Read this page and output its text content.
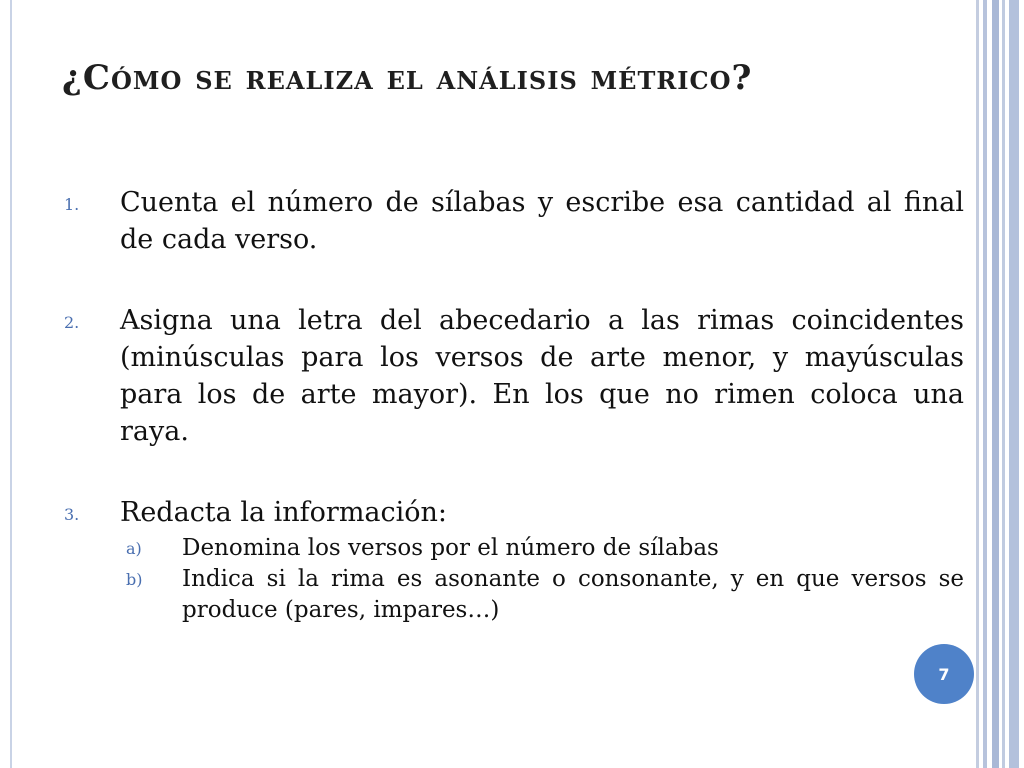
¿Cómo se realiza el análisis métrico?
1. Cuenta el número de sílabas y escribe esa cantidad al final de cada verso.
2. Asigna una letra del abecedario a las rimas coincidentes (minúsculas para los versos de arte menor, y mayúsculas para los de arte mayor). En los que no rimen coloca una raya.
3. Redacta la información:
a) Denomina los versos por el número de sílabas
b) Indica si la rima es asonante o consonante, y en que versos se produce (pares, impares…)
7
